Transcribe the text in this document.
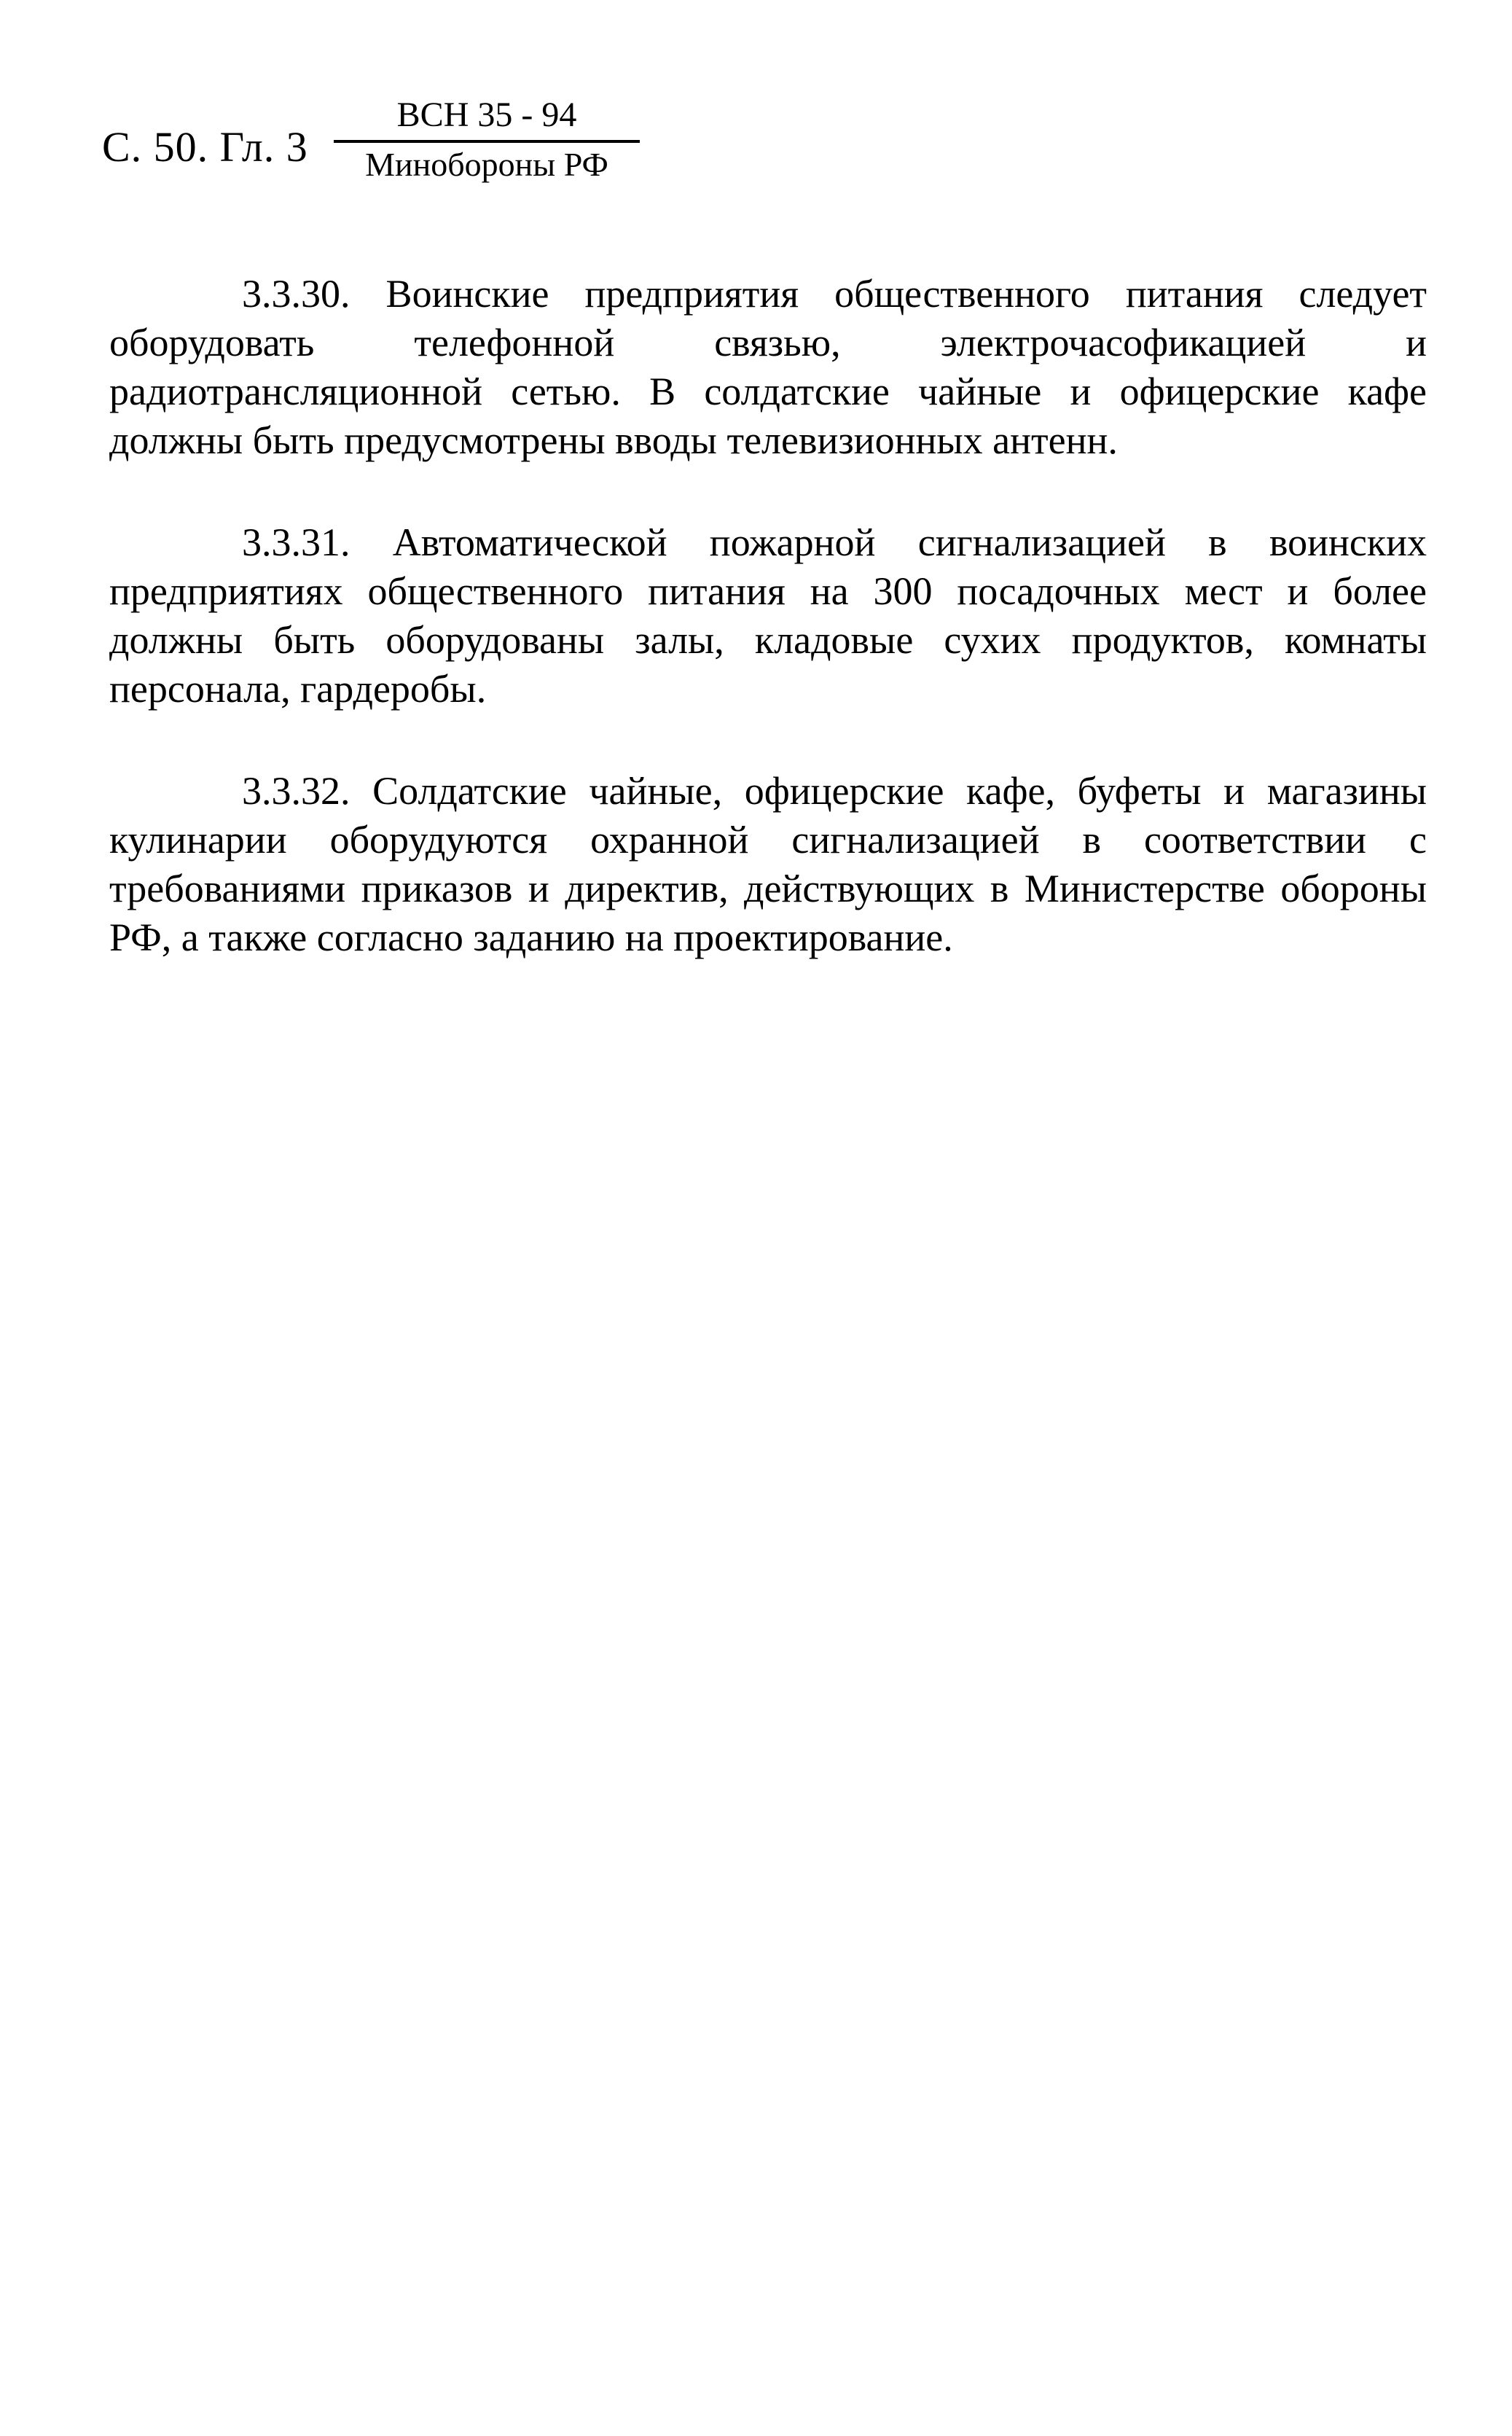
С. 50. Гл. 3
ВСН 35 - 94
Минобороны РФ

3.3.30. Воинские предприятия общественного питания следует оборудовать телефонной связью, электрочасофикацией и радиотрансляционной сетью. В солдатские чайные и офицерские кафе должны быть предусмотрены вводы телевизионных антенн.

3.3.31. Автоматической пожарной сигнализацией в воинских предприятиях общественного питания на 300 посадочных мест и более должны быть оборудованы залы, кладовые сухих продуктов, комнаты персонала, гардеробы.

3.3.32. Солдатские чайные, офицерские кафе, буфеты и магазины кулинарии оборудуются охранной сигнализацией в соответствии с требованиями приказов и директив, действующих в Министерстве обороны РФ, а также согласно заданию на проектирование.
